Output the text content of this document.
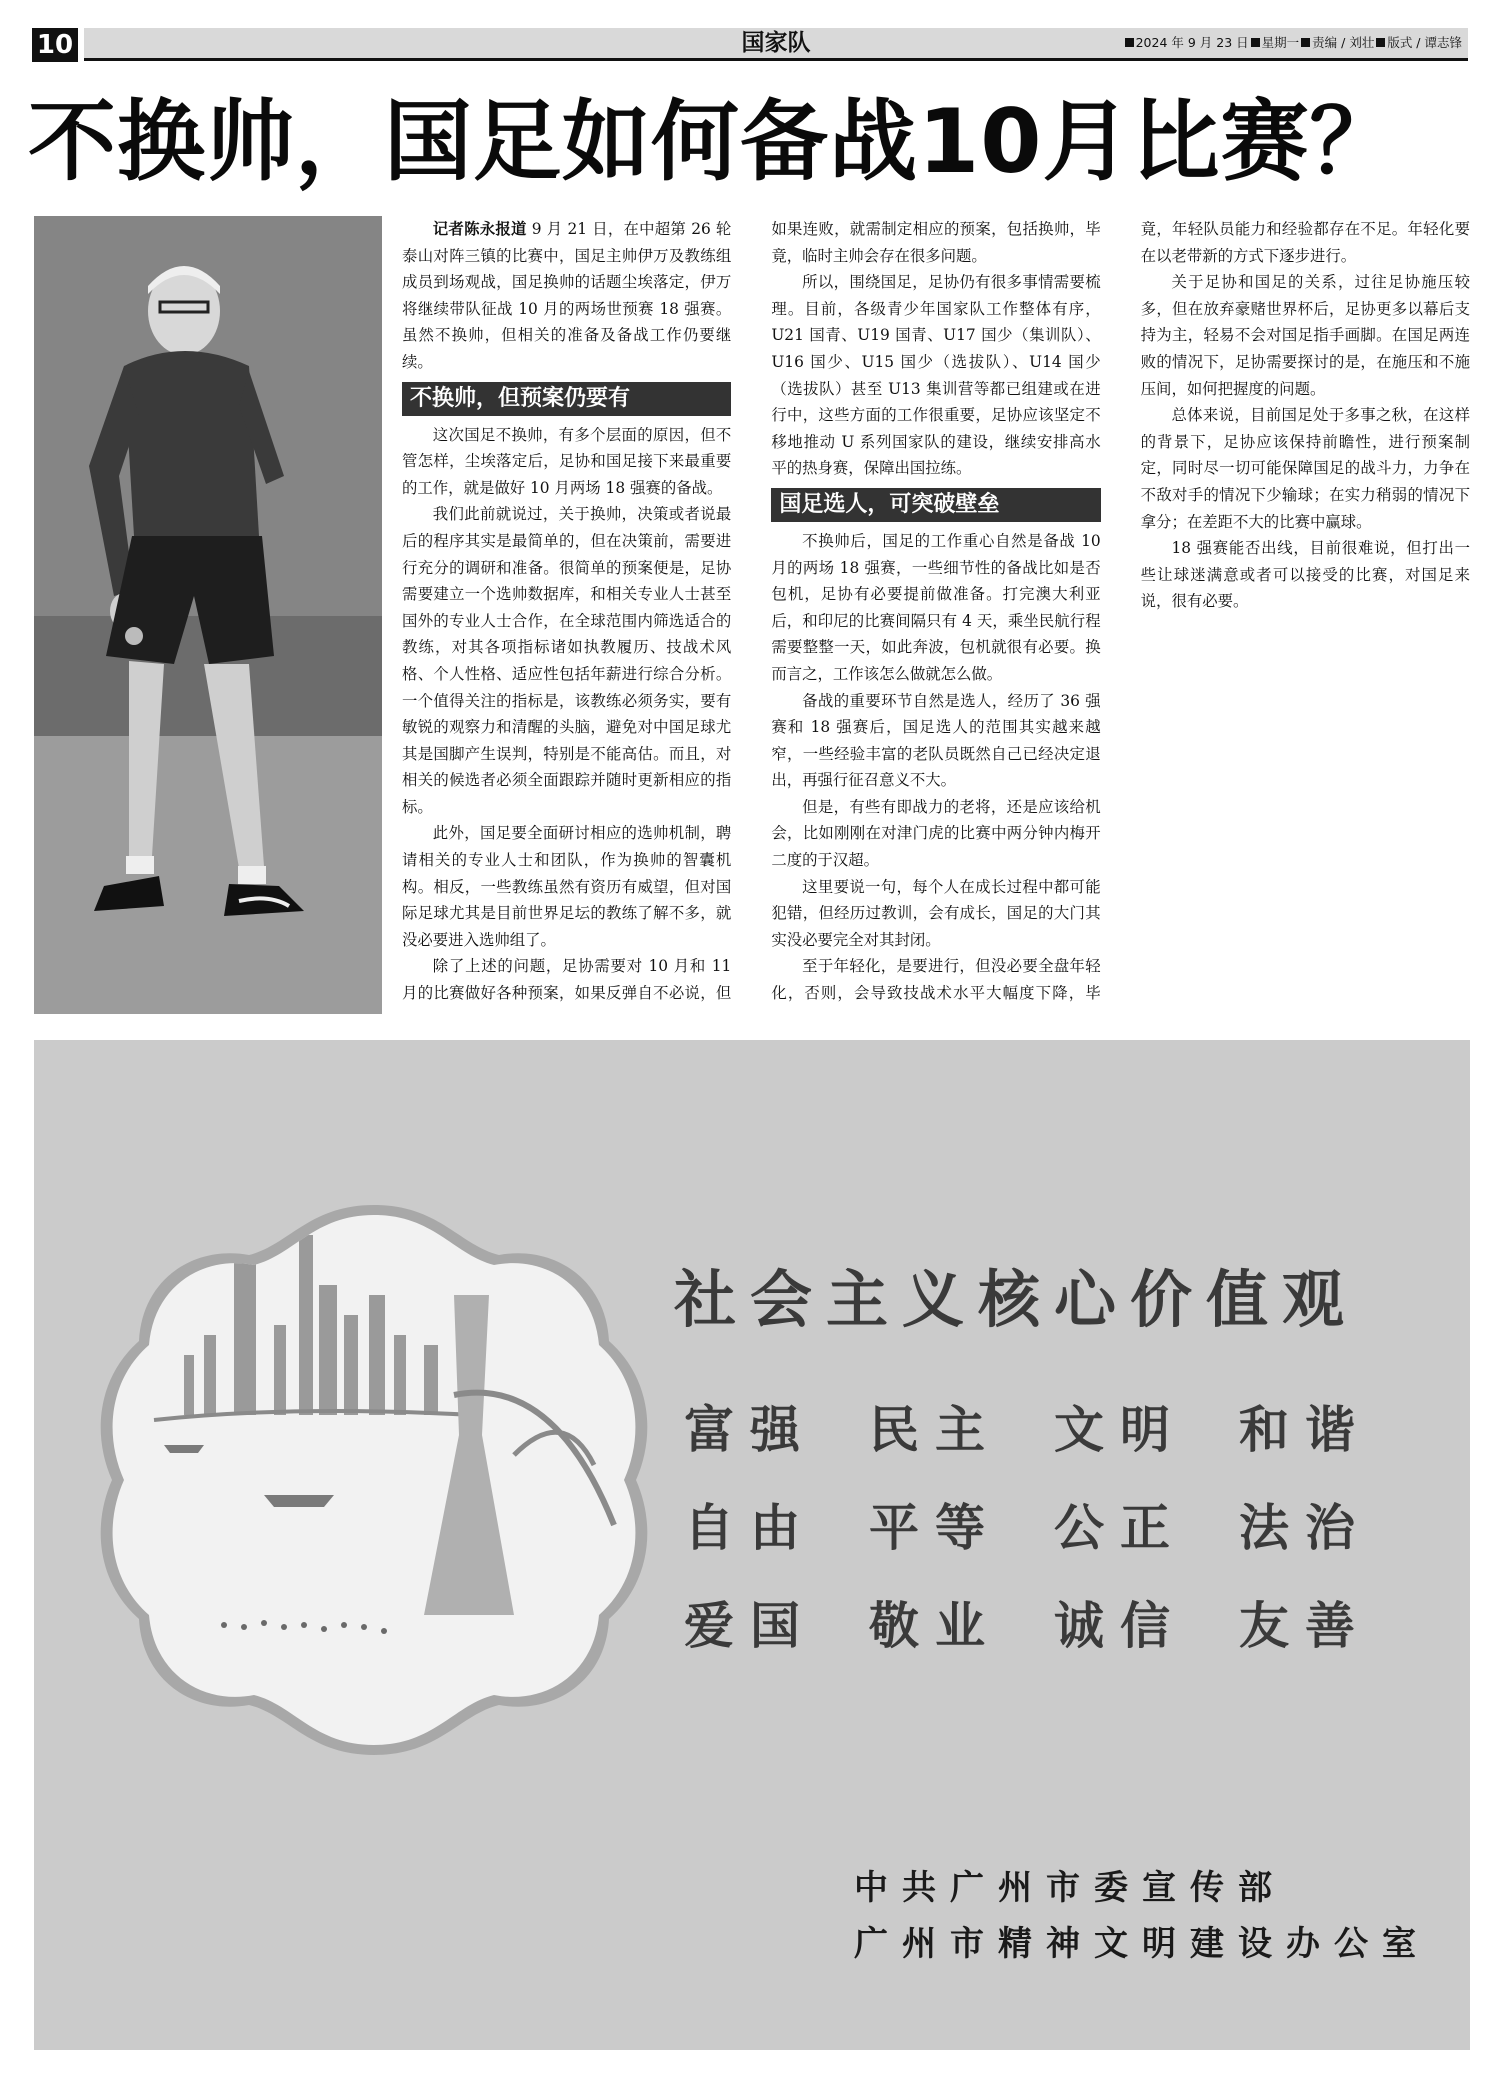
10	国家队	2024 年 9 月 23 日 星期一 责编 / 刘壮 版式 / 谭志锋
不换帅，国足如何备战10月比赛？

记者陈永报道 9 月 21 日，在中超第 26 轮泰山对阵三镇的比赛中，国足主帅伊万及教练组成员到场观战，国足换帅的话题尘埃落定，伊万将继续带队征战 10 月的两场世预赛 18 强赛。虽然不换帅，但相关的准备及备战工作仍要继续。

不换帅，但预案仍要有

这次国足不换帅，有多个层面的原因，但不管怎样，尘埃落定后，足协和国足接下来最重要的工作，就是做好 10 月两场 18 强赛的备战。

我们此前就说过，关于换帅，决策或者说最后的程序其实是最简单的，但在决策前，需要进行充分的调研和准备。很简单的预案便是，足协需要建立一个选帅数据库，和相关专业人士甚至国外的专业人士合作，在全球范围内筛选适合的教练，对其各项指标诸如执教履历、技战术风格、个人性格、适应性包括年薪进行综合分析。一个值得关注的指标是，该教练必须务实，要有敏锐的观察力和清醒的头脑，避免对中国足球尤其是国脚产生误判，特别是不能高估。而且，对相关的候选者必须全面跟踪并随时更新相应的指标。

此外，国足要全面研讨相应的选帅机制，聘请相关的专业人士和团队，作为换帅的智囊机构。相反，一些教练虽然有资历有威望，但对国际足球尤其是目前世界足坛的教练了解不多，就没必要进入选帅组了。

除了上述的问题，足协需要对 10 月和 11 月的比赛做好各种预案，如果反弹自不必说，但如果连败，就需制定相应的预案，包括换帅，毕竟，临时主帅会存在很多问题。

所以，围绕国足，足协仍有很多事情需要梳理。目前，各级青少年国家队工作整体有序，U21 国青、U19 国青、U17 国少（集训队）、U16 国少、U15 国少（选拔队）、U14 国少（选拔队）甚至 U13 集训营等都已组建或在进行中，这些方面的工作很重要，足协应该坚定不移地推动 U 系列国家队的建设，继续安排高水平的热身赛，保障出国拉练。

国足选人，可突破壁垒

不换帅后，国足的工作重心自然是备战 10 月的两场 18 强赛，一些细节性的备战比如是否包机，足协有必要提前做准备。打完澳大利亚后，和印尼的比赛间隔只有 4 天，乘坐民航行程需要整整一天，如此奔波，包机就很有必要。换而言之，工作该怎么做就怎么做。

备战的重要环节自然是选人，经历了 36 强赛和 18 强赛后，国足选人的范围其实越来越窄，一些经验丰富的老队员既然自己已经决定退出，再强行征召意义不大。

但是，有些有即战力的老将，还是应该给机会，比如刚刚在对津门虎的比赛中两分钟内梅开二度的于汉超。

这里要说一句，每个人在成长过程中都可能犯错，但经历过教训，会有成长，国足的大门其实没必要完全对其封闭。

至于年轻化，是要进行，但没必要全盘年轻化，否则，会导致技战术水平大幅度下降，毕竟，年轻队员能力和经验都存在不足。年轻化要在以老带新的方式下逐步进行。

关于足协和国足的关系，过往足协施压较多，但在放弃豪赌世界杯后，足协更多以幕后支持为主，轻易不会对国足指手画脚。在国足两连败的情况下，足协需要探讨的是，在施压和不施压间，如何把握度的问题。

总体来说，目前国足处于多事之秋，在这样的背景下，足协应该保持前瞻性，进行预案制定，同时尽一切可能保障国足的战斗力，力争在不敌对手的情况下少输球；在实力稍弱的情况下拿分；在差距不大的比赛中赢球。

18 强赛能否出线，目前很难说，但打出一些让球迷满意或者可以接受的比赛，对国足来说，很有必要。

社会主义核心价值观
富强	民主	文明	和谐
自由	平等	公正	法治
爱国	敬业	诚信	友善
中共广州市委宣传部
广州市精神文明建设办公室
